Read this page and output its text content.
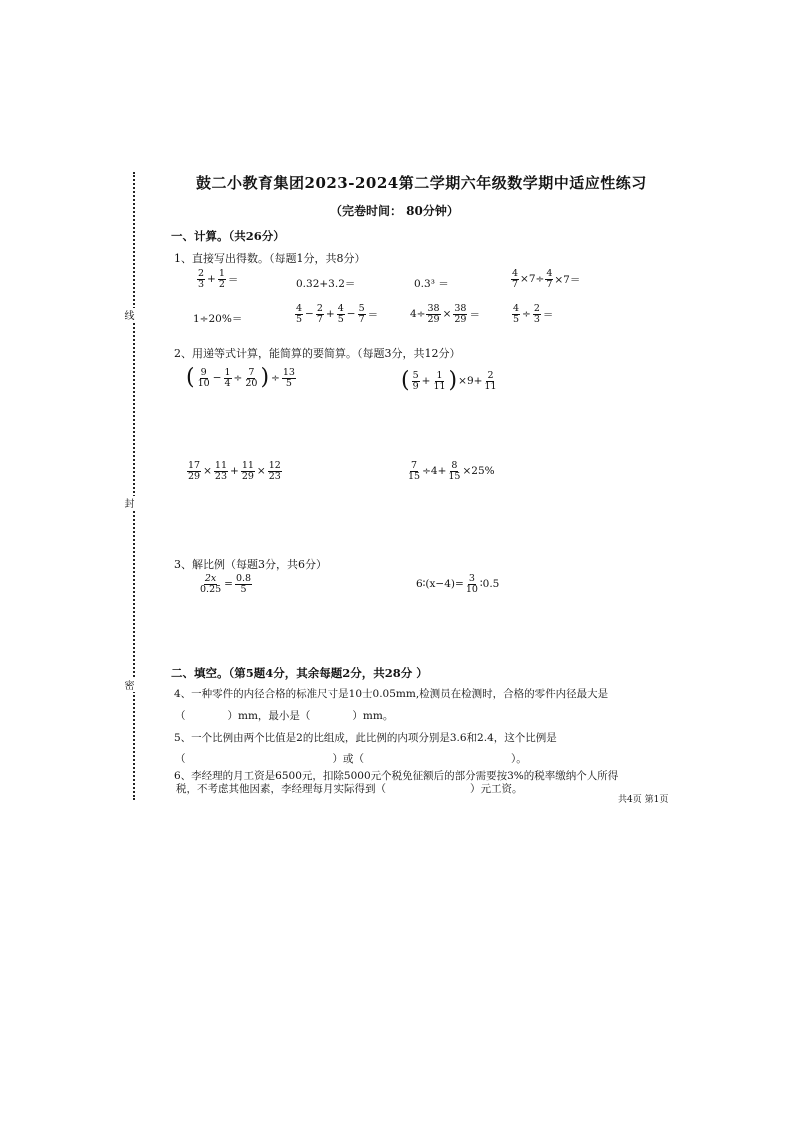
线
封
密
鼓二小教育集团2023-2024第二学期六年级数学期中适应性练习
（完卷时间： 80分钟）
一、计算。（共26分）
1、直接写出得数。（每题1分，共8分）
$\frac{2}{3} + \frac{1}{2}$ ＝	0.32+3.2＝	0.3³ ＝	$\frac{4}{7} \times 7\div \frac{4}{7} \times 7=$
1÷20%＝	$\frac{4}{5} - \frac{2}{7} + \frac{4}{5} - \frac{5}{7}$ ＝	$4\div \frac{38}{29} \times \frac{38}{29}$ ＝	$\frac{4}{5} \div \frac{2}{3}$ ＝
2、用递等式计算，能简算的要简算。（每题3分，共12分）
( $\frac{9}{10} - \frac{1}{4} \div \frac{7}{20}$ ) ÷ $\frac{13}{5}$	( $\frac{5}{9} + \frac{1}{11}$ ) $\times 9+ \frac{2}{11}$
$\frac{17}{29} \times \frac{11}{23} + \frac{11}{29} \times \frac{12}{23}$	$\frac{7}{15} \div 4+ \frac{8}{15} \times 25\%$
3、解比例（每题3分，共6分）
$\frac{2x}{0.25} = \frac{0.8}{5}$	6∶(x−4)= $\frac{3}{10}$ ∶0.5
二、填空。（第5题4分，其余每题2分，共28分 ）
4、一种零件的内径合格的标准尺寸是10士0.05mm,检测员在检测时，合格的零件内径最大是
（　　　　）mm，最小是（　　　　）mm。
5、一个比例由两个比值是2的比组成，此比例的内项分别是3.6和2.4，这个比例是
（　　　　　　　　　　　　　　）或（　　　　　　　　　　　　　　）。
6、李经理的月工资是6500元，扣除5000元个税免征额后的部分需要按3%的税率缴纳个人所得
税，不考虑其他因素，李经理每月实际得到（　　　　　　　　）元工资。
共4页 第1页
